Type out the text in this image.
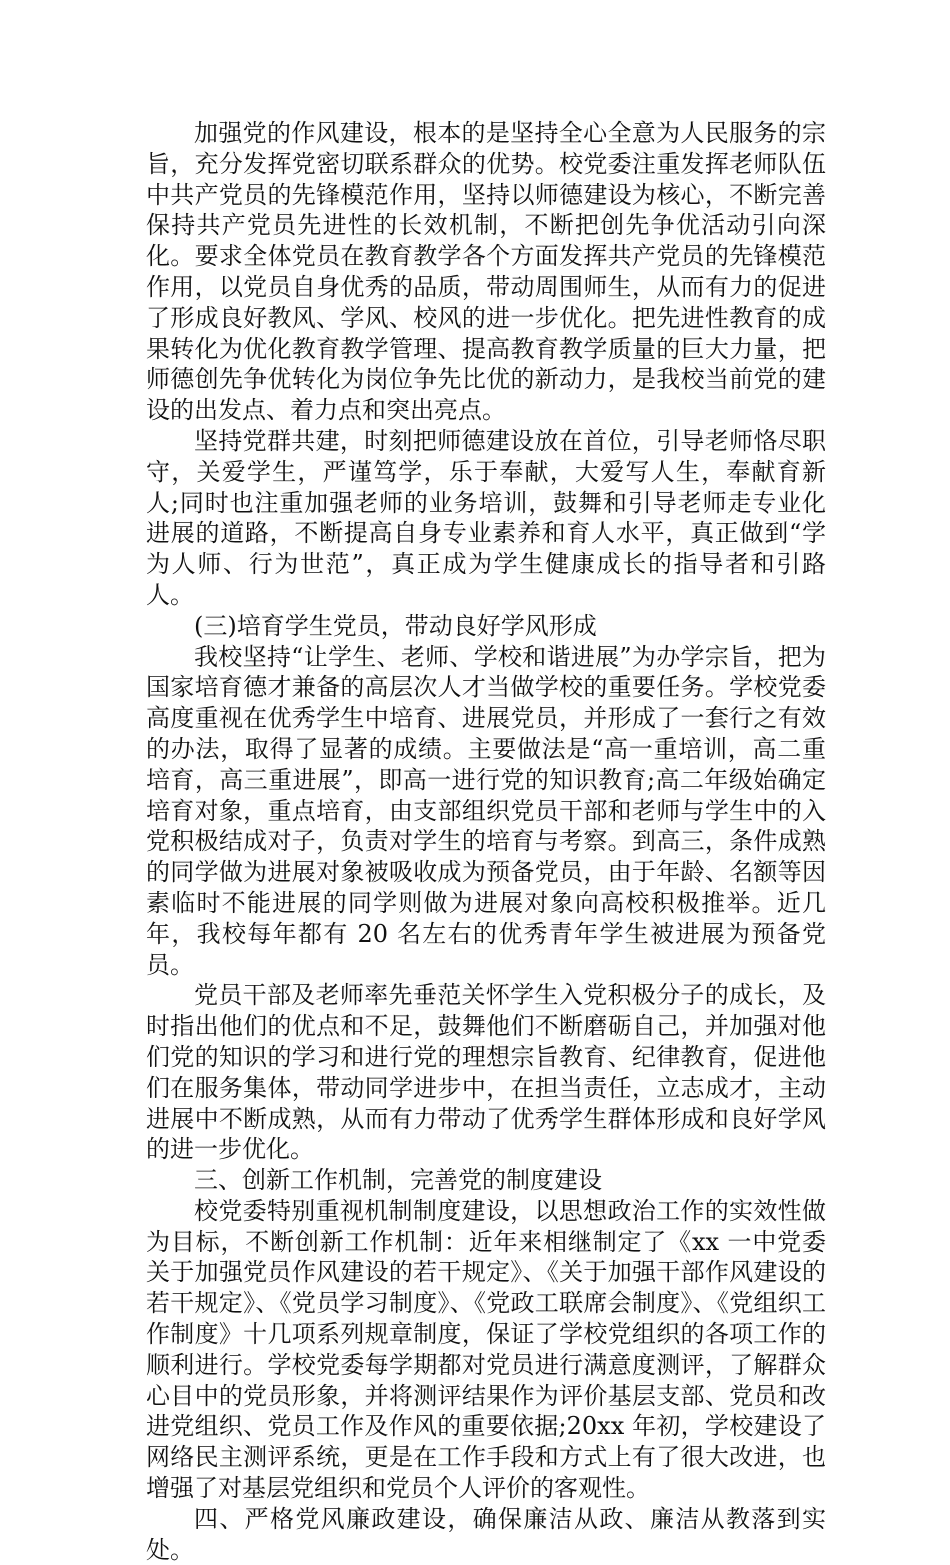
加强党的作风建设，根本的是坚持全心全意为人民服务的宗旨，充分发挥党密切联系群众的优势。校党委注重发挥老师队伍中共产党员的先锋模范作用，坚持以师德建设为核心，不断完善保持共产党员先进性的长效机制，不断把创先争优活动引向深化。要求全体党员在教育教学各个方面发挥共产党员的先锋模范作用，以党员自身优秀的品质，带动周围师生，从而有力的促进了形成良好教风、学风、校风的进一步优化。把先进性教育的成果转化为优化教育教学管理、提高教育教学质量的巨大力量，把师德创先争优转化为岗位争先比优的新动力，是我校当前党的建设的出发点、着力点和突出亮点。

坚持党群共建，时刻把师德建设放在首位，引导老师恪尽职守，关爱学生，严谨笃学，乐于奉献，大爱写人生，奉献育新人;同时也注重加强老师的业务培训，鼓舞和引导老师走专业化进展的道路，不断提高自身专业素养和育人水平，真正做到“学为人师、行为世范”，真正成为学生健康成长的指导者和引路人。

(三)培育学生党员，带动良好学风形成

我校坚持“让学生、老师、学校和谐进展”为办学宗旨，把为国家培育德才兼备的高层次人才当做学校的重要任务。学校党委高度重视在优秀学生中培育、进展党员，并形成了一套行之有效的办法，取得了显著的成绩。主要做法是“高一重培训，高二重培育，高三重进展”，即高一进行党的知识教育;高二年级始确定培育对象，重点培育，由支部组织党员干部和老师与学生中的入党积极结成对子，负责对学生的培育与考察。到高三，条件成熟的同学做为进展对象被吸收成为预备党员，由于年龄、名额等因素临时不能进展的同学则做为进展对象向高校积极推举。近几年，我校每年都有 20 名左右的优秀青年学生被进展为预备党员。

党员干部及老师率先垂范关怀学生入党积极分子的成长，及时指出他们的优点和不足，鼓舞他们不断磨砺自己，并加强对他们党的知识的学习和进行党的理想宗旨教育、纪律教育，促进他们在服务集体，带动同学进步中，在担当责任，立志成才，主动进展中不断成熟，从而有力带动了优秀学生群体形成和良好学风的进一步优化。

三、创新工作机制，完善党的制度建设

校党委特别重视机制制度建设，以思想政治工作的实效性做为目标，不断创新工作机制：近年来相继制定了《xx 一中党委关于加强党员作风建设的若干规定》、《关于加强干部作风建设的若干规定》、《党员学习制度》、《党政工联席会制度》、《党组织工作制度》十几项系列规章制度，保证了学校党组织的各项工作的顺利进行。学校党委每学期都对党员进行满意度测评，了解群众心目中的党员形象，并将测评结果作为评价基层支部、党员和改进党组织、党员工作及作风的重要依据;20xx 年初，学校建设了网络民主测评系统，更是在工作手段和方式上有了很大改进，也增强了对基层党组织和党员个人评价的客观性。

四、严格党风廉政建设，确保廉洁从政、廉洁从教落到实处。
